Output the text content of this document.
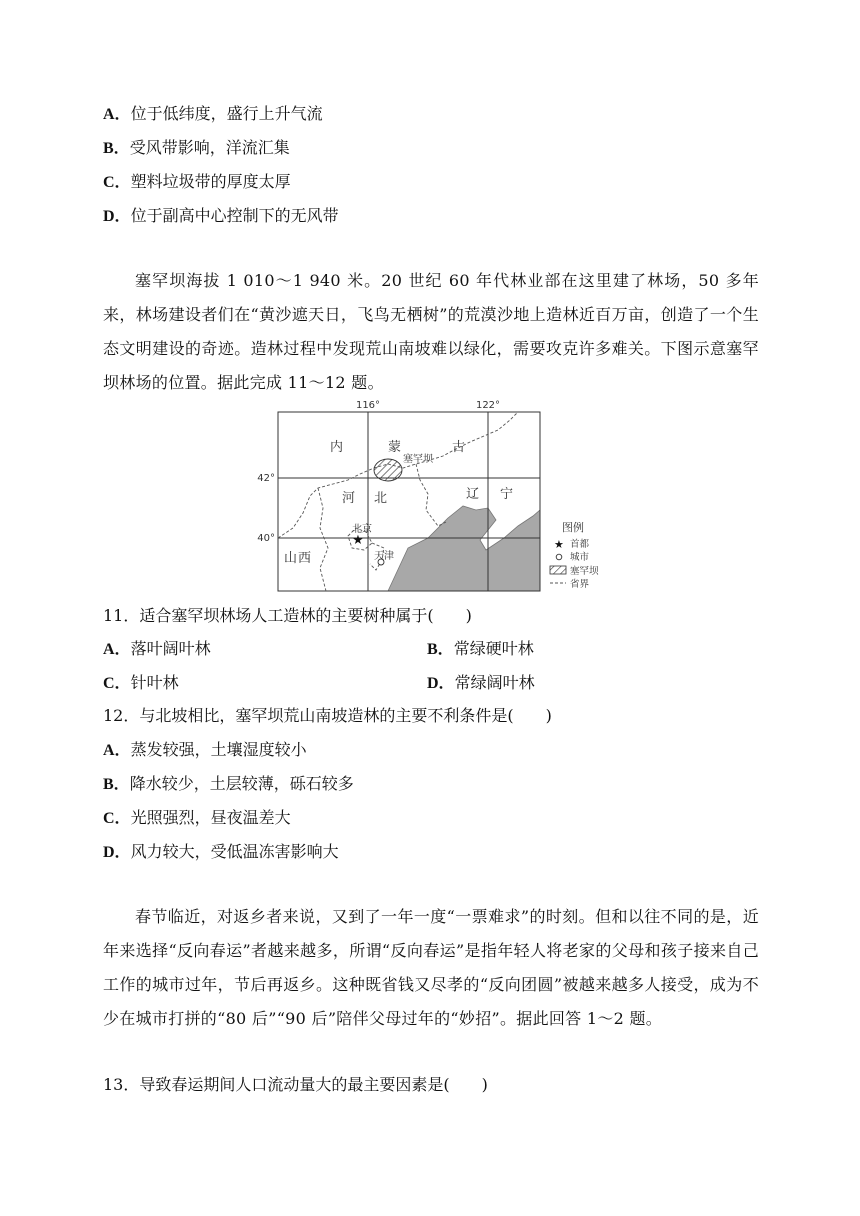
A．位于低纬度，盛行上升气流
B．受风带影响，洋流汇集
C．塑料垃圾带的厚度太厚
D．位于副高中心控制下的无风带

塞罕坝海拔 1 010～1 940 米。20 世纪 60 年代林业部在这里建了林场，50 多年来，林场建设者们在“黄沙遮天日，飞鸟无栖树”的荒漠沙地上造林近百万亩，创造了一个生态文明建设的奇迹。造林过程中发现荒山南坡难以绿化，需要攻克许多难关。下图示意塞罕坝林场的位置。据此完成 11～12 题。

★
116°	122°
42°
40°
内	蒙	古
河 北	辽 宁
山 西
塞罕坝
北京
天津
图例
★ 首都
城市
塞罕坝
省界
11．适合塞罕坝林场人工造林的主要树种属于(　　)
A．落叶阔叶林	B．常绿硬叶林
C．针叶林	D．常绿阔叶林
12．与北坡相比，塞罕坝荒山南坡造林的主要不利条件是(　　)
A．蒸发较强，土壤湿度较小
B．降水较少，土层较薄，砾石较多
C．光照强烈，昼夜温差大
D．风力较大，受低温冻害影响大

春节临近，对返乡者来说，又到了一年一度“一票难求”的时刻。但和以往不同的是，近年来选择“反向春运”者越来越多，所谓“反向春运”是指年轻人将老家的父母和孩子接来自己工作的城市过年，节后再返乡。这种既省钱又尽孝的“反向团圆”被越来越多人接受，成为不少在城市打拼的“80 后”“90 后”陪伴父母过年的“妙招”。据此回答 1～2 题。

13．导致春运期间人口流动量大的最主要因素是(　　)
